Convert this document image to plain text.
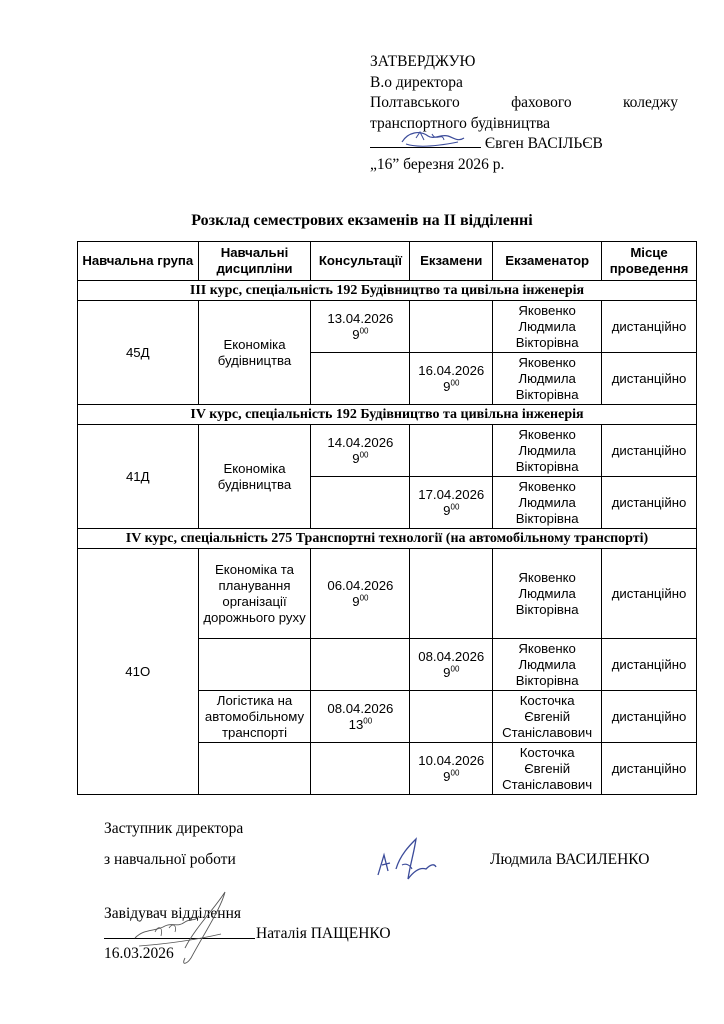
ЗАТВЕРДЖУЮ
В.о директора
Полтавського	фахового	коледжу
транспортного будівництва
Євген ВАСІЛЬЄВ
„16” березня 2026 р.
Розклад семестрових екзаменів на ІІ відділенні
Навчальна група	Навчальні дисципліни	Консультації	Екзамени	Екзаменатор	Місце проведення
ІІІ курс, спеціальність 192 Будівництво та цивільна інженерія					
45Д	Економіка будівництва	13.04.2026
$9^{00}$		Яковенко Людмила Вікторівна	дистанційно

			16.04.2026
$9^{00}$	Яковенко Людмила Вікторівна	дистанційно
IV курс, спеціальність 192 Будівництво та цивільна інженерія					
41Д	Економіка будівництва	14.04.2026
$9^{00}$		Яковенко Людмила Вікторівна	дистанційно

			17.04.2026
$9^{00}$	Яковенко Людмила Вікторівна	дистанційно
IV курс, спеціальність 275 Транспортні технології (на автомобільному транспорті)					
41О	Економіка та планування організації дорожнього руху	06.04.2026
$9^{00}$		Яковенко Людмила Вікторівна	дистанційно

			08.04.2026
$9^{00}$	Яковенко Людмила Вікторівна	дистанційно
	Логістика на автомобільному транспорті	08.04.2026
$13^{00}$		Косточка Євгеній Станіславович	дистанційно

			10.04.2026
$9^{00}$	Косточка Євгеній Станіславович	дистанційно
Заступник директора
з навчальної роботи	Людмила ВАСИЛЕНКО
Завідувач відділення
Наталія ПАЩЕНКО
16.03.2026
